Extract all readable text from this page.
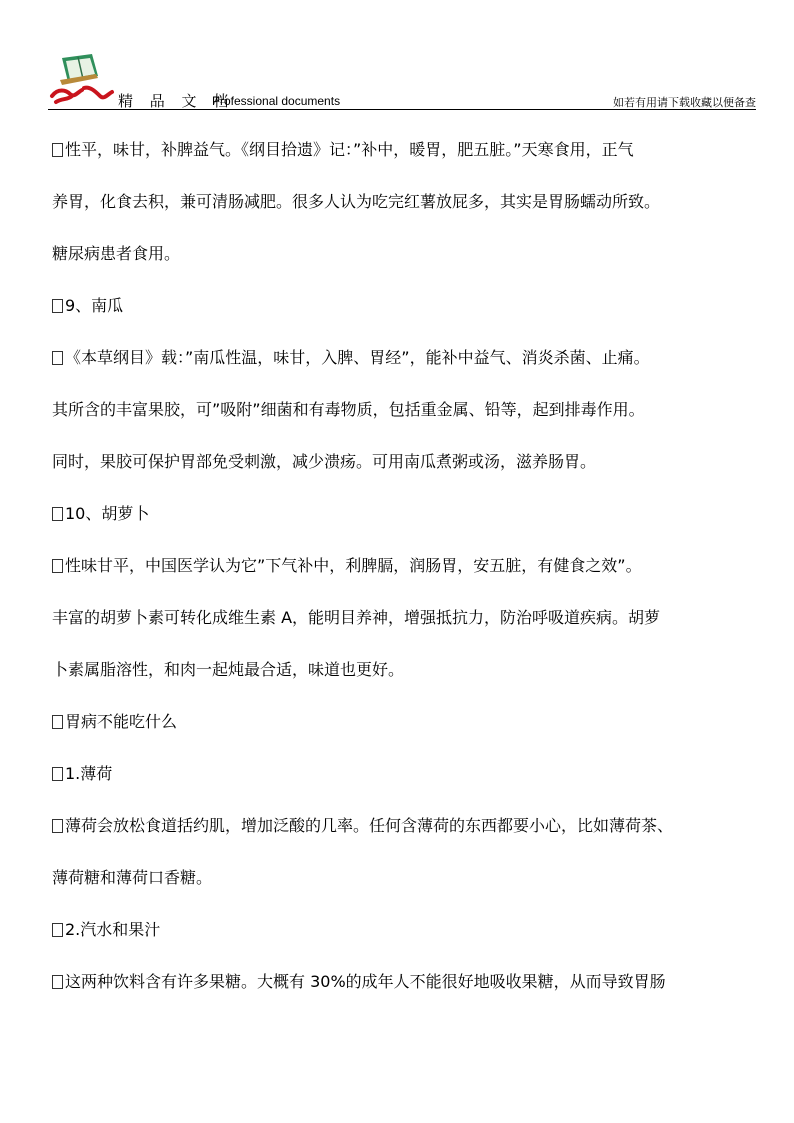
精 品 文 档
Professional documents	如若有用请下载收藏以便备查
性平，味甘，补脾益气。《纲目拾遗》记：”补中，暖胃，肥五脏。”天寒食用，正气
养胃，化食去积，兼可清肠减肥。很多人认为吃完红薯放屁多，其实是胃肠蠕动所致。
糖尿病患者食用。
9、南瓜
《本草纲目》载：”南瓜性温，味甘，入脾、胃经”，能补中益气、消炎杀菌、止痛。
其所含的丰富果胶，可”吸附”细菌和有毒物质，包括重金属、铅等，起到排毒作用。
同时，果胶可保护胃部免受刺激，减少溃疡。可用南瓜煮粥或汤，滋养肠胃。
10、胡萝卜
性味甘平，中国医学认为它”下气补中，利脾膈，润肠胃，安五脏，有健食之效”。
丰富的胡萝卜素可转化成维生素 A，能明目养神，增强抵抗力，防治呼吸道疾病。胡萝
卜素属脂溶性，和肉一起炖最合适，味道也更好。
胃病不能吃什么
1.薄荷
薄荷会放松食道括约肌，增加泛酸的几率。任何含薄荷的东西都要小心，比如薄荷茶、
薄荷糖和薄荷口香糖。
2.汽水和果汁
这两种饮料含有许多果糖。大概有 30%的成年人不能很好地吸收果糖，从而导致胃肠
